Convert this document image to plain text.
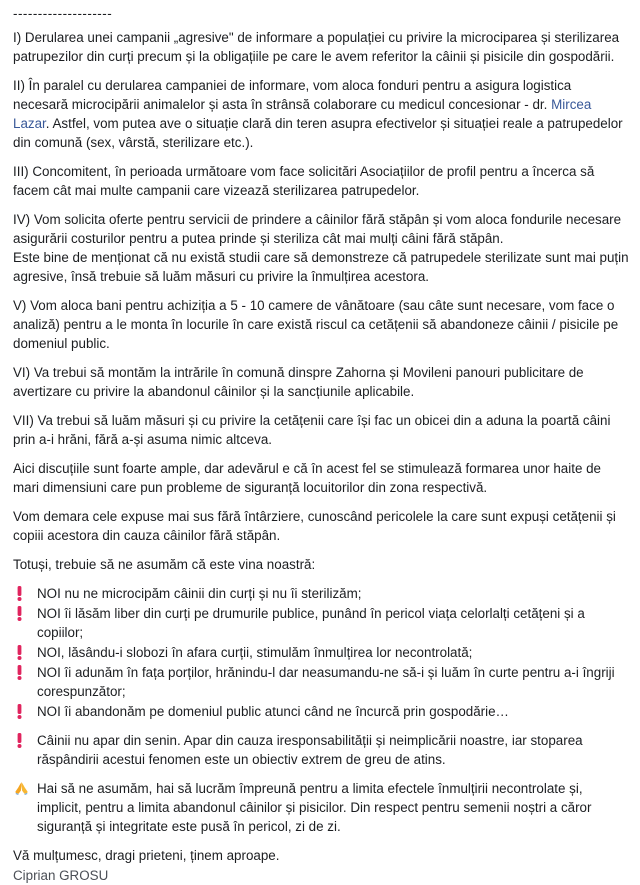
--------------------

I) Derularea unei campanii „agresive" de informare a populației cu privire la microciparea și sterilizarea patrupezilor din curți precum și la obligațiile pe care le avem referitor la câinii și pisicile din gospodării.

II) În paralel cu derularea campaniei de informare, vom aloca fonduri pentru a asigura logistica necesară microcipării animalelor și asta în strânsă colaborare cu medicul concesionar - dr. Mircea Lazar. Astfel, vom putea ave o situație clară din teren asupra efectivelor și situației reale a patrupedelor din comună (sex, vârstă, sterilizare etc.).

III) Concomitent, în perioada următoare vom face solicitări Asociațiilor de profil pentru a încerca să facem cât mai multe campanii care vizează sterilizarea patrupedelor.

IV) Vom solicita oferte pentru servicii de prindere a câinilor fără stăpân și vom aloca fondurile necesare asigurării costurilor pentru a putea prinde și steriliza cât mai mulți câini fără stăpân.
Este bine de menționat că nu există studii care să demonstreze că patrupedele sterilizate sunt mai puțin agresive, însă trebuie să luăm măsuri cu privire la înmulțirea acestora.

V) Vom aloca bani pentru achiziția a 5 - 10 camere de vânătoare (sau câte sunt necesare, vom face o analiză) pentru a le monta în locurile în care există riscul ca cetățenii să abandoneze câinii / pisicile pe domeniul public.

VI) Va trebui să montăm la intrările în comună dinspre Zahorna și Movileni panouri publicitare de avertizare cu privire la abandonul câinilor și la sancțiunile aplicabile.

VII) Va trebui să luăm măsuri și cu privire la cetățenii care își fac un obicei din a aduna la poartă câini prin a-i hrăni, fără a-și asuma nimic altceva.

Aici discuțiile sunt foarte ample, dar adevărul e că în acest fel se stimulează formarea unor haite de mari dimensiuni care pun probleme de siguranță locuitorilor din zona respectivă.

Vom demara cele expuse mai sus fără întârziere, cunoscând pericolele la care sunt expuși cetățenii și copiii acestora din cauza câinilor fără stăpân.

Totuși, trebuie să ne asumăm că este vina noastră:

NOI nu ne microcipăm câinii din curți și nu îi sterilizăm;
NOI îi lăsăm liber din curți pe drumurile publice, punând în pericol viața celorlalți cetățeni și a copiilor;
NOI, lăsându-i slobozi în afara curții, stimulăm înmulțirea lor necontrolată;
NOI îi adunăm în fața porților, hrănindu-l dar neasumandu-ne să-i și luăm în curte pentru a-i îngriji corespunzător;
NOI îi abandonăm pe domeniul public atunci când ne încurcă prin gospodărie…
Câinii nu apar din senin. Apar din cauza iresponsabilității și neimplicării noastre, iar stoparea răspândirii acestui fenomen este un obiectiv extrem de greu de atins.
Hai să ne asumăm, hai să lucrăm împreună pentru a limita efectele înmulțirii necontrolate și, implicit, pentru a limita abandonul câinilor și pisicilor. Din respect pentru semenii noștri a căror siguranță și integritate este pusă în pericol, zi de zi.

Vă mulțumesc, dragi prieteni, ținem aproape.

Ciprian GROSU
